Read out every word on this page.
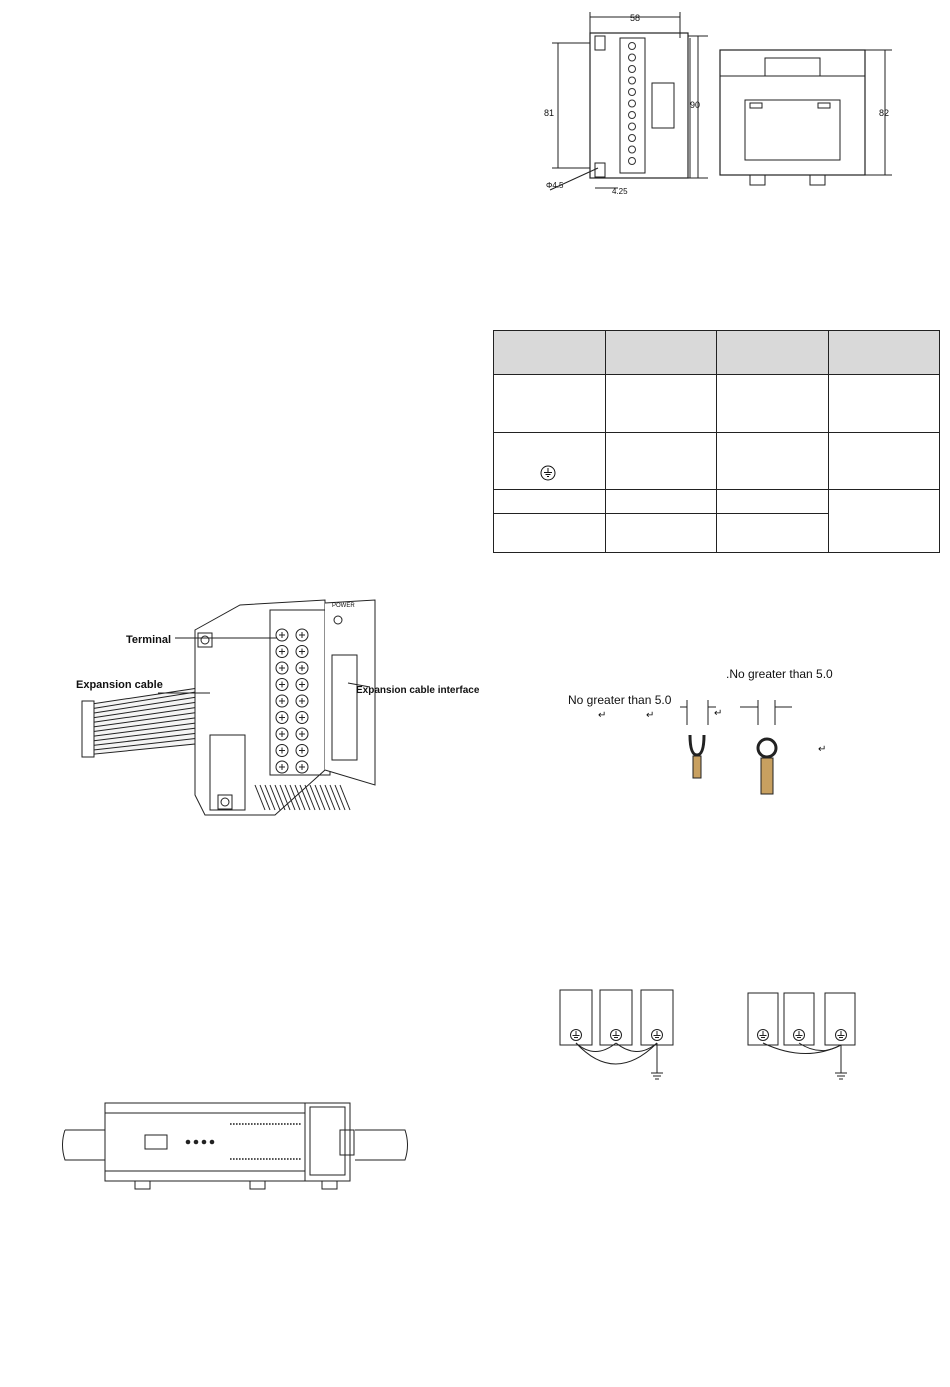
58
81
90
82
Φ4.5
4.25

POWER
Terminal
Expansion cable	Expansion cable interface
.No greater than 5.0
No greater than 5.0
↵	↵	↵
↵
